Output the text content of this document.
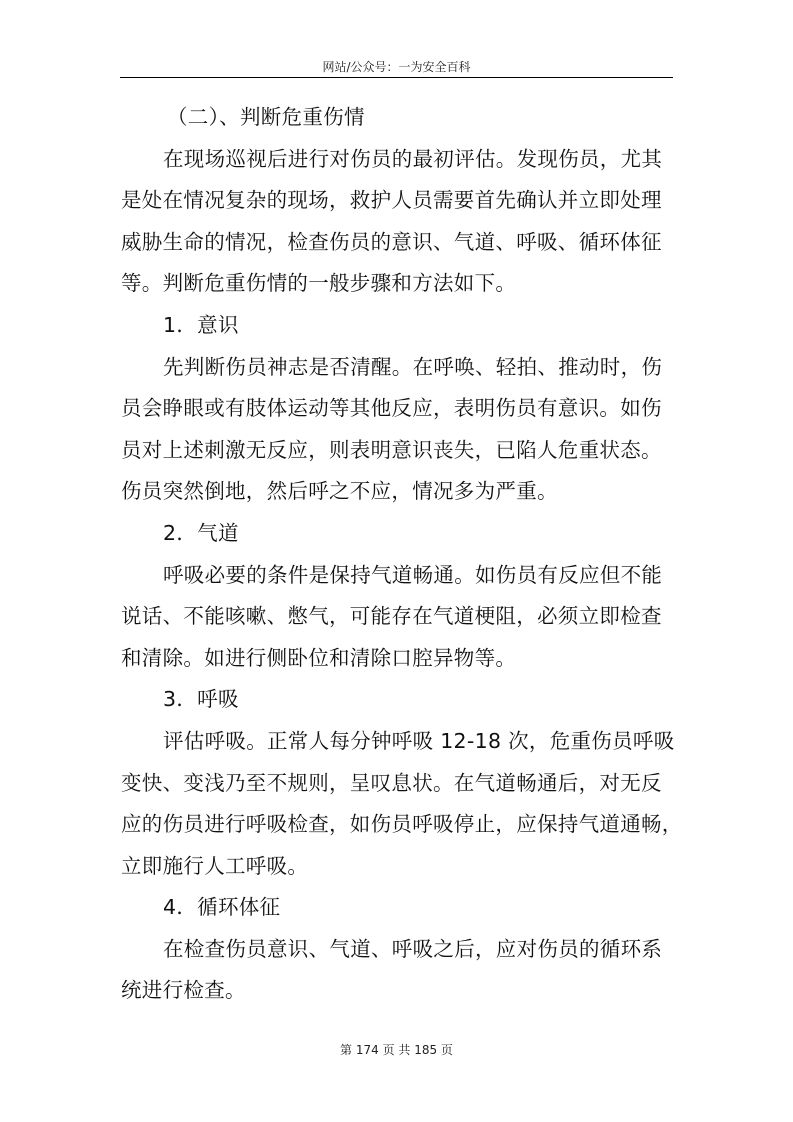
网站/公众号：一为安全百科
（二）、判断危重伤情
在现场巡视后进行对伤员的最初评估。发现伤员，尤其
是处在情况复杂的现场，救护人员需要首先确认并立即处理
威胁生命的情况，检查伤员的意识、气道、呼吸、循环体征
等。判断危重伤情的一般步骤和方法如下。
1．意识
先判断伤员神志是否清醒。在呼唤、轻拍、推动时，伤
员会睁眼或有肢体运动等其他反应，表明伤员有意识。如伤
员对上述刺激无反应，则表明意识丧失，已陷人危重状态。
伤员突然倒地，然后呼之不应，情况多为严重。
2．气道
呼吸必要的条件是保持气道畅通。如伤员有反应但不能
说话、不能咳嗽、憋气，可能存在气道梗阻，必须立即检查
和清除。如进行侧卧位和清除口腔异物等。
3．呼吸
评估呼吸。正常人每分钟呼吸 12-18 次，危重伤员呼吸
变快、变浅乃至不规则，呈叹息状。在气道畅通后，对无反
应的伤员进行呼吸检查，如伤员呼吸停止，应保持气道通畅，
立即施行人工呼吸。
4．循环体征
在检查伤员意识、气道、呼吸之后，应对伤员的循环系
统进行检查。
第 174 页 共 185 页
